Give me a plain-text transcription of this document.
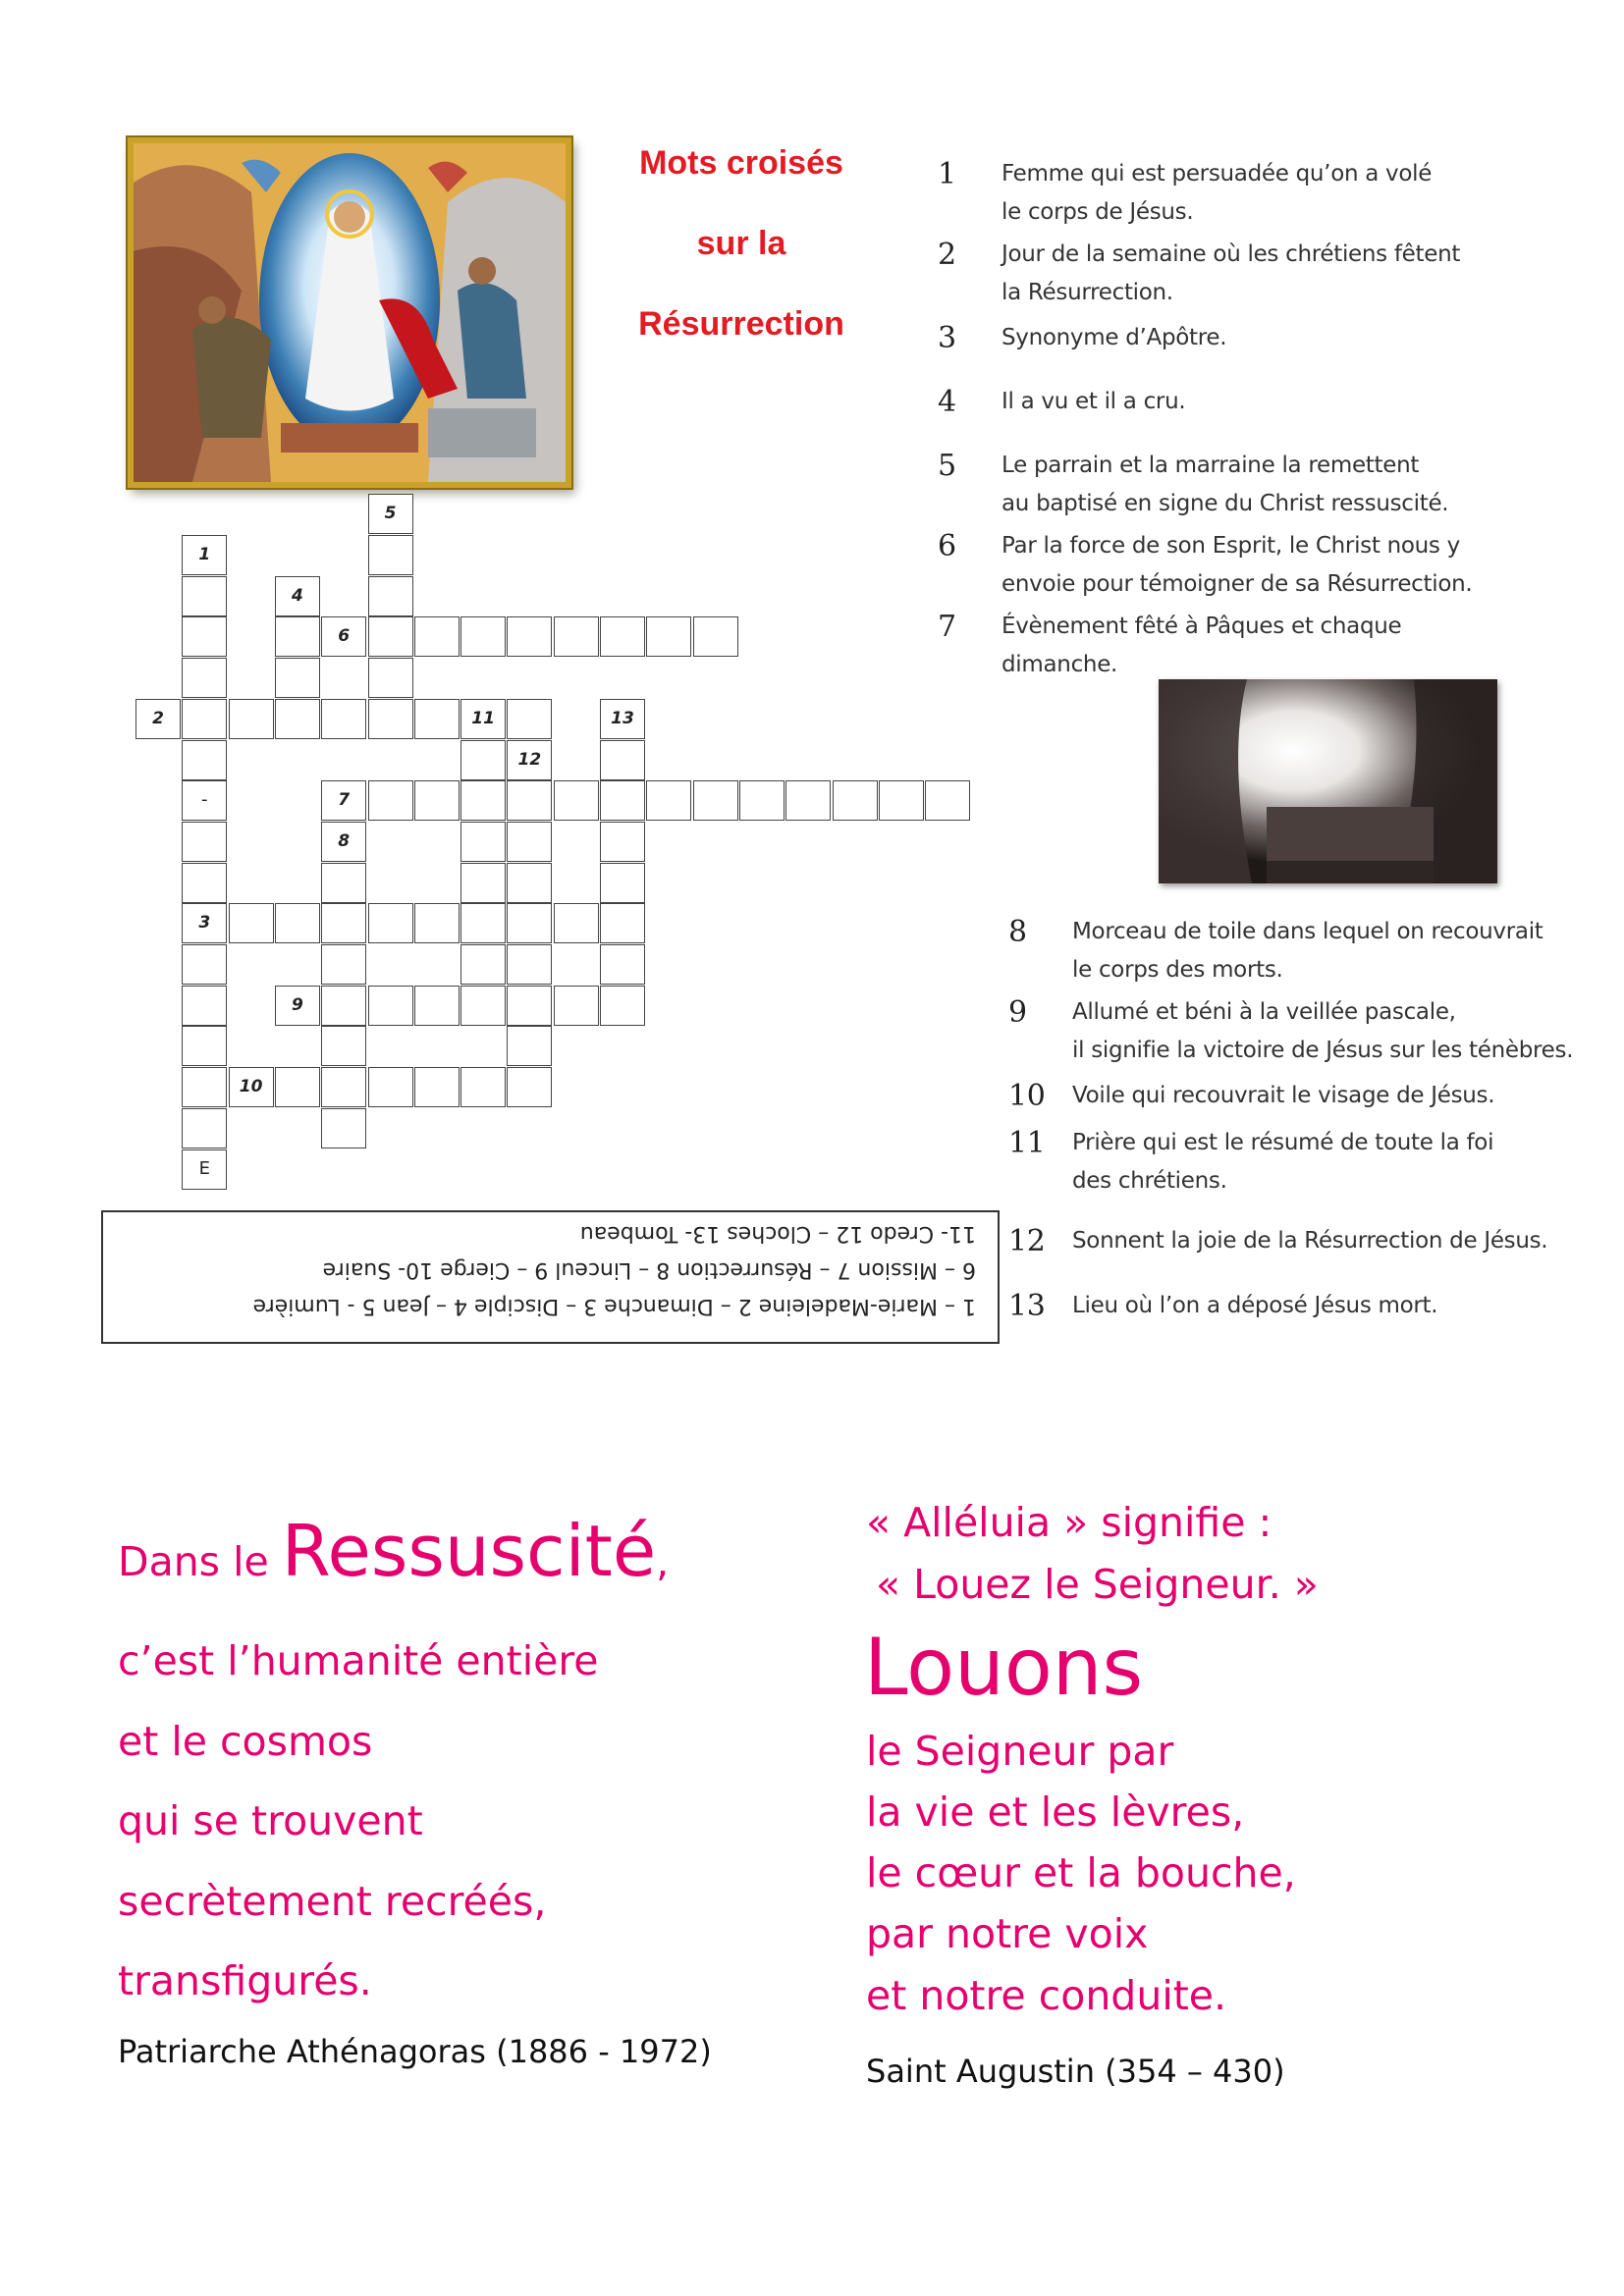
Mots croisés
sur la
Résurrection
1	Femme qui est persuadée qu’on a volé
le corps de Jésus.
2	Jour de la semaine où les chrétiens fêtent
la Résurrection.
3	Synonyme d’Apôtre.
4	Il a vu et il a cru.
5	Le parrain et la marraine la remettent
au baptisé en signe du Christ ressuscité.
6	Par la force de son Esprit, le Christ nous y
envoie pour témoigner de sa Résurrection.
7	Évènement fêté à Pâques et chaque
dimanche.
8	Morceau de toile dans lequel on recouvrait
le corps des morts.
9	Allumé et béni à la veillée pascale,
il signifie la victoire de Jésus sur les ténèbres.
10 Voile qui recouvrait le visage de Jésus.
11 Prière qui est le résumé de toute la foi
des chrétiens.
12 Sonnent la joie de la Résurrection de Jésus.
13 Lieu où l’on a déposé Jésus mort.
5
1
-
3
E
4
6
2	11	13
12
7
8
9
10
1 – Marie-Madeleine 2 – Dimanche 3 – Disciple 4 – Jean 5 - Lumière
6 – Mission 7 – Résurrection 8 – Linceul 9 – Cierge 10- Suaire
11- Credo 12 – Cloches 13- Tombeau
Dans le Ressuscité,
c’est l’humanité entière
et le cosmos
qui se trouvent
secrètement recréés,
transfigurés.
Patriarche Athénagoras (1886 - 1972)
« Alléluia » signifie :
« Louez le Seigneur. »
Louons
le Seigneur par
la vie et les lèvres,
le cœur et la bouche,
par notre voix
et notre conduite.
Saint Augustin (354 – 430)
